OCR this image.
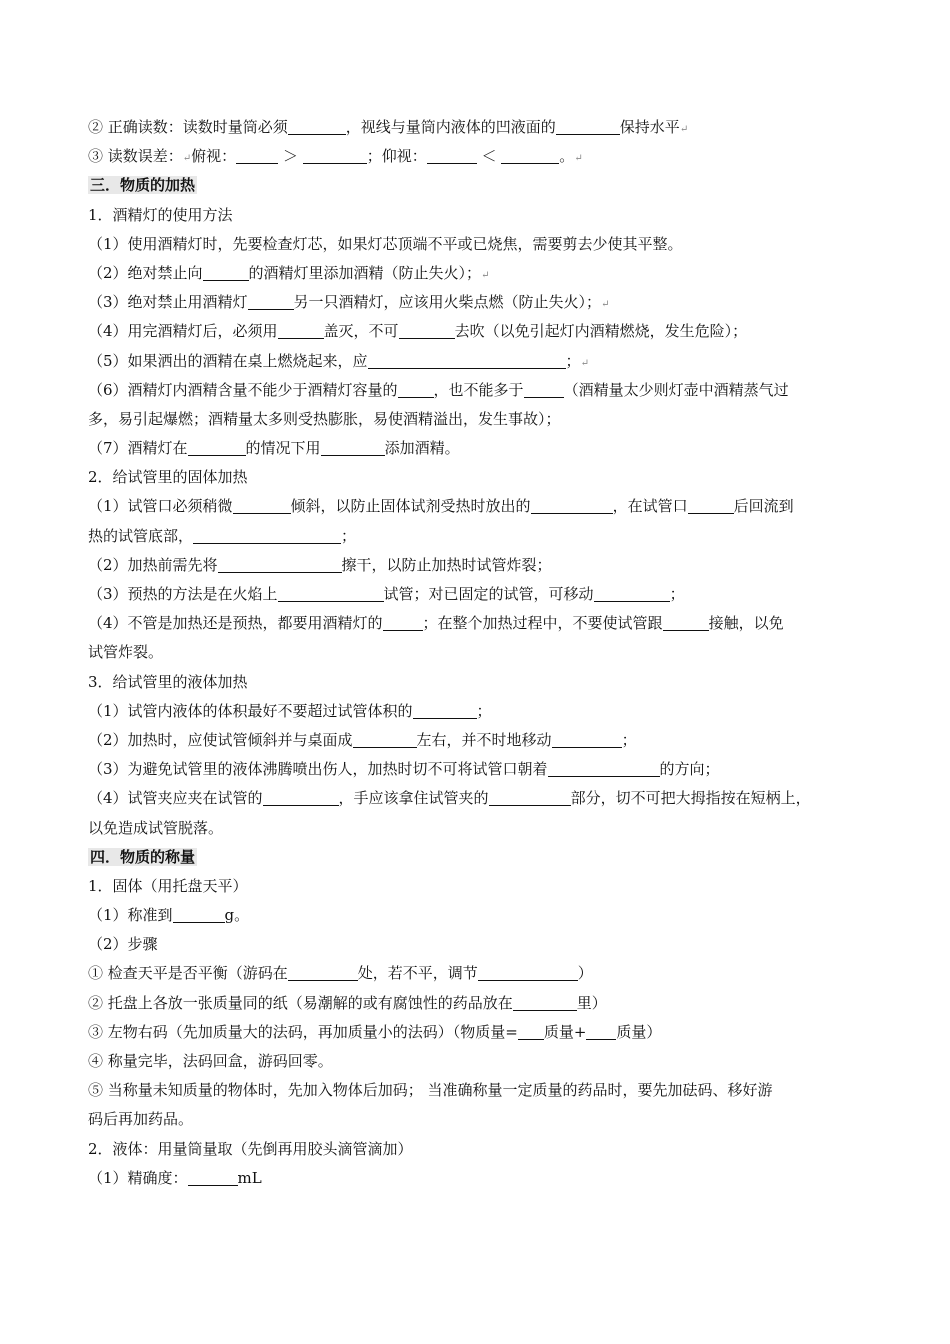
② 正确读数：读数时量筒必须	，视线与量筒内液体的凹液面的	保持水平↵
③ 读数误差：↵俯视：	＞	；仰视：	＜	。↵
三．物质的加热
1．酒精灯的使用方法
（1）使用酒精灯时，先要检查灯芯，如果灯芯顶端不平或已烧焦，需要剪去少使其平整。
（2）绝对禁止向	的酒精灯里添加酒精（防止失火）；↵
（3）绝对禁止用酒精灯	另一只酒精灯，应该用火柴点燃（防止失火）；↵
（4）用完酒精灯后，必须用	盖灭，不可	去吹（以免引起灯内酒精燃烧，发生危险）；
（5）如果洒出的酒精在桌上燃烧起来，应	；↵
（6）酒精灯内酒精含量不能少于酒精灯容量的 ，也不能多于	（酒精量太少则灯壶中酒精蒸气过
多，易引起爆燃；酒精量太多则受热膨胀，易使酒精溢出，发生事故）；
（7）酒精灯在	的情况下用	添加酒精。
2．给试管里的固体加热
（1）试管口必须稍微	倾斜，以防止固体试剂受热时放出的	，在试管口	后回流到
热的试管底部，	；
（2）加热前需先将	擦干，以防止加热时试管炸裂；
（3）预热的方法是在火焰上	试管；对已固定的试管，可移动	；
（4）不管是加热还是预热，都要用酒精灯的	；在整个加热过程中，不要使试管跟	接触，以免
试管炸裂。
3．给试管里的液体加热
（1）试管内液体的体积最好不要超过试管体积的	；
（2）加热时，应使试管倾斜并与桌面成	左右，并不时地移动	；
（3）为避免试管里的液体沸腾喷出伤人，加热时切不可将试管口朝着	的方向；
（4）试管夹应夹在试管的	，手应该拿住试管夹的	部分，切不可把大拇指按在短柄上，
以免造成试管脱落。
四．物质的称量
1．固体（用托盘天平）
（1）称准到	g。
（2）步骤
① 检查天平是否平衡（游码在	处，若不平，调节	）
② 托盘上各放一张质量同的纸（易潮解的或有腐蚀性的药品放在	里）
③ 左物右码（先加质量大的法码，再加质量小的法码）（物质量= 质量+ 质量）
④ 称量完毕，法码回盒，游码回零。
⑤ 当称量未知质量的物体时，先加入物体后加码； 当准确称量一定质量的药品时，要先加砝码、移好游
码后再加药品。
2．液体：用量筒量取（先倒再用胶头滴管滴加）
（1）精确度：	mL
